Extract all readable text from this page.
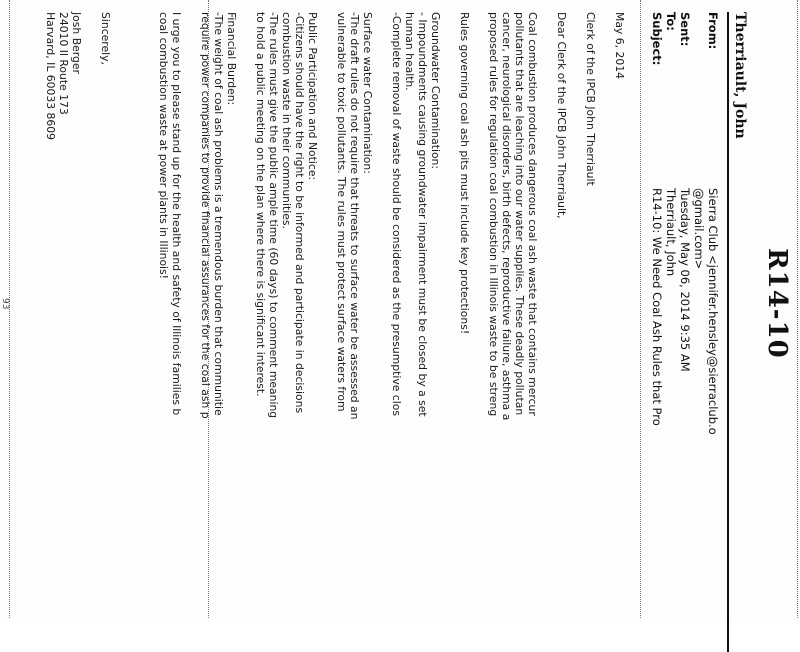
R14-10
Therriault, John
From:
Sierra Club <jennifer.hensley@sierraclub.o
@gmail.com>
Sent:
Tuesday, May 06, 2014 9:35 AM
To:
Therriault, John
Subject:
R14-10: We Need Coal Ash Rules that Pro
May 6, 2014
Clerk of the IPCB John Therriault
Dear Clerk of the IPCB John Therriault,
Coal combustion produces dangerous coal ash waste that contains mercur
pollutants that are leaching into our water supplies. These deadly pollutan
cancer, neurological disorders, birth defects, reproductive failure, asthma a
proposed rules for regulation coal combustion in Illinois waste to be streng
Rules governing coal ash pits must include key protections!
Groundwater Contamination:
- Impoundments causing groundwater impairment must be closed by a set
human health.
-Complete removal of waste should be considered as the presumptive clos
Surface water Contamination:
-The draft rules do not require that threats to surface water be assessed an
vulnerable to toxic pollutants. The rules must protect surface waters from
Public Participation and Notice:
-Citizens should have the right to be informed and participate in decisions
combustion waste in their communities.
-The rules must give the public ample time (60 days) to comment meaning
to hold a public meeting on the plan where there is significant interest.
Financial Burden:
-The weight of coal ash problems is a tremendous burden that communitie
require power companies to provide financial assurances for the coal ash p
I urge you to please stand up for the health and safety of Illinois families b
coal combustion waste at power plants in Illinois!
Sincerely,
Josh Berger
24010 Il Route 173
Harvard, IL 60033 8609
93
